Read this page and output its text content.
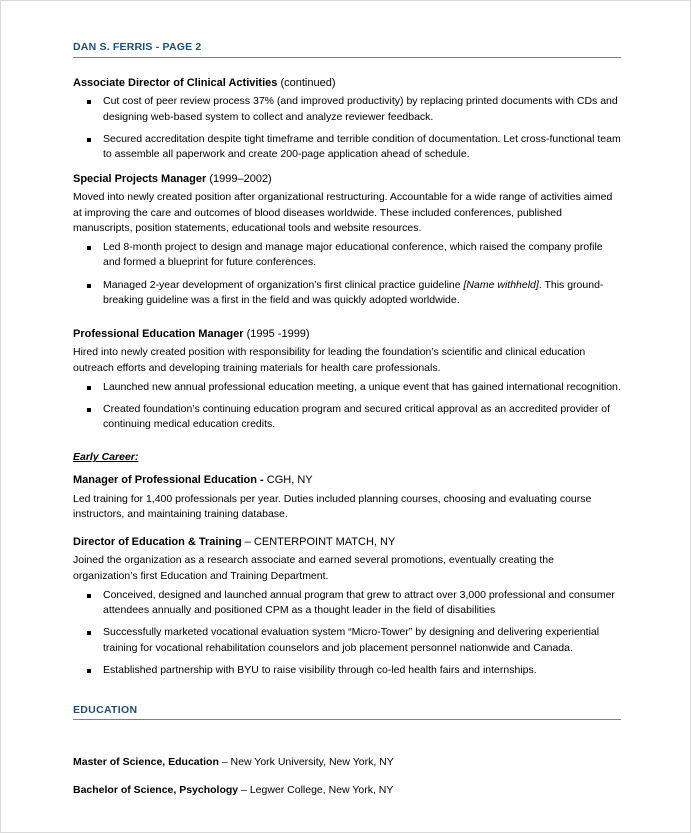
DAN S. FERRIS - PAGE 2

Associate Director of Clinical Activities (continued)

Cut cost of peer review process 37% (and improved productivity) by replacing printed documents with CDs and designing web-based system to collect and analyze reviewer feedback.
Secured accreditation despite tight timeframe and terrible condition of documentation. Let cross-functional team to assemble all paperwork and create 200-page application ahead of schedule.

Special Projects Manager (1999–2002)

Moved into newly created position after organizational restructuring. Accountable for a wide range of activities aimed at improving the care and outcomes of blood diseases worldwide. These included conferences, published manuscripts, position statements, educational tools and website resources.

Led 8-month project to design and manage major educational conference, which raised the company profile and formed a blueprint for future conferences.
Managed 2-year development of organization’s first clinical practice guideline [Name withheld]. This ground-breaking guideline was a first in the field and was quickly adopted worldwide.

Professional Education Manager (1995 -1999)

Hired into newly created position with responsibility for leading the foundation’s scientific and clinical education outreach efforts and developing training materials for health care professionals.

Launched new annual professional education meeting, a unique event that has gained international recognition.
Created foundation’s continuing education program and secured critical approval as an accredited provider of continuing medical education credits.

Early Career:

Manager of Professional Education - CGH, NY

Led training for 1,400 professionals per year. Duties included planning courses, choosing and evaluating course instructors, and maintaining training database.

Director of Education & Training – CENTERPOINT MATCH, NY

Joined the organization as a research associate and earned several promotions, eventually creating the organization’s first Education and Training Department.

Conceived, designed and launched annual program that grew to attract over 3,000 professional and consumer attendees annually and positioned CPM as a thought leader in the field of disabilities
Successfully marketed vocational evaluation system “Micro-Tower” by designing and delivering experiential training for vocational rehabilitation counselors and job placement personnel nationwide and Canada.
Established partnership with BYU to raise visibility through co-led health fairs and internships.
EDUCATION

Master of Science, Education – New York University, New York, NY

Bachelor of Science, Psychology – Legwer College, New York, NY
